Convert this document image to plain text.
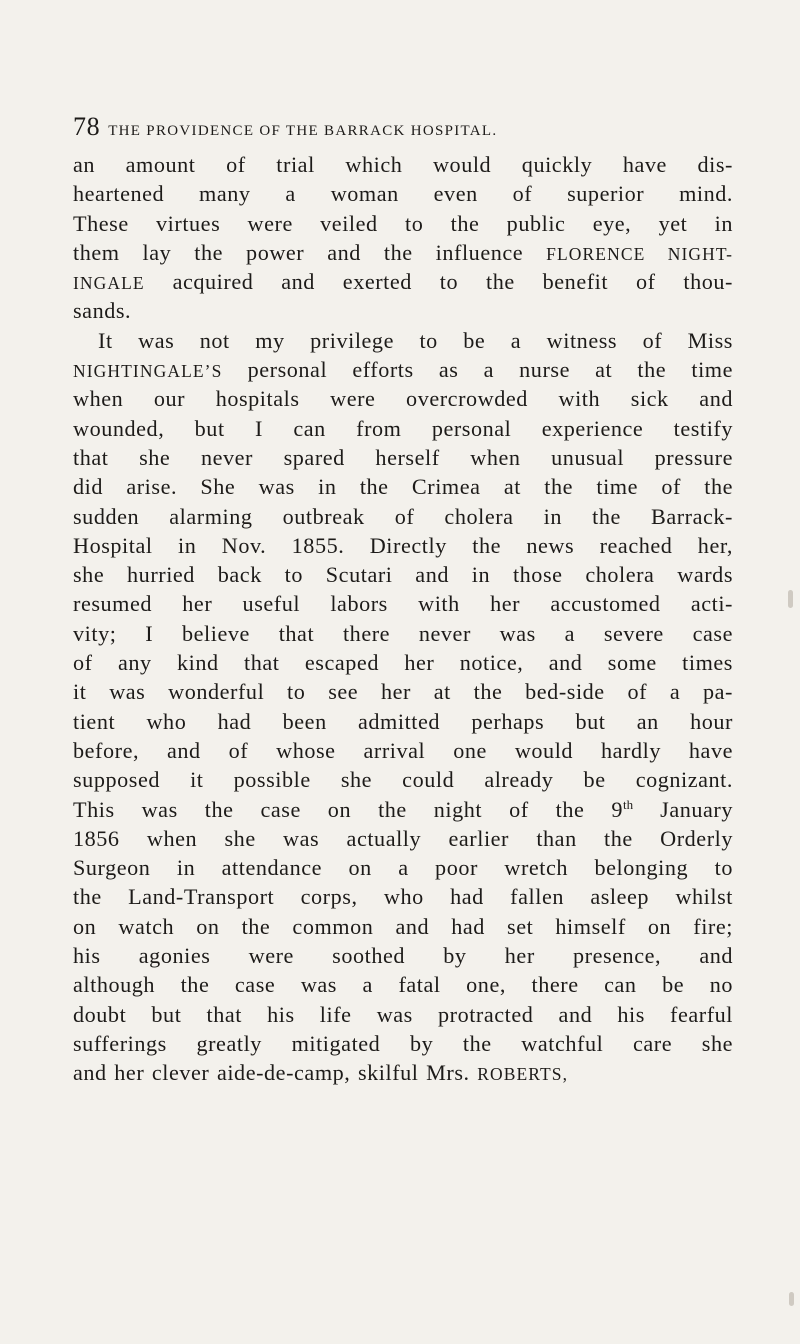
78 THE PROVIDENCE OF THE BARRACK HOSPITAL.
an amount of trial which would quickly have dis-
heartened many a woman even of superior mind.
These virtues were veiled to the public eye, yet in
them lay the power and the influence FLORENCE NIGHT-
INGALE acquired and exerted to the benefit of thou-
sands.
It was not my privilege to be a witness of Miss
NIGHTINGALE’S personal efforts as a nurse at the time
when our hospitals were overcrowded with sick and
wounded, but I can from personal experience testify
that she never spared herself when unusual pressure
did arise. She was in the Crimea at the time of the
sudden alarming outbreak of cholera in the Barrack-
Hospital in Nov. 1855. Directly the news reached her,
she hurried back to Scutari and in those cholera wards
resumed her useful labors with her accustomed acti-
vity; I believe that there never was a severe case
of any kind that escaped her notice, and some times
it was wonderful to see her at the bed-side of a pa-
tient who had been admitted perhaps but an hour
before, and of whose arrival one would hardly have
supposed it possible she could already be cognizant.
This was the case on the night of the 9th January
1856 when she was actually earlier than the Orderly
Surgeon in attendance on a poor wretch belonging to
the Land-Transport corps, who had fallen asleep whilst
on watch on the common and had set himself on fire;
his agonies were soothed by her presence, and
although the case was a fatal one, there can be no
doubt but that his life was protracted and his fearful
sufferings greatly mitigated by the watchful care she
and her clever aide-de-camp, skilful Mrs. ROBERTS,
